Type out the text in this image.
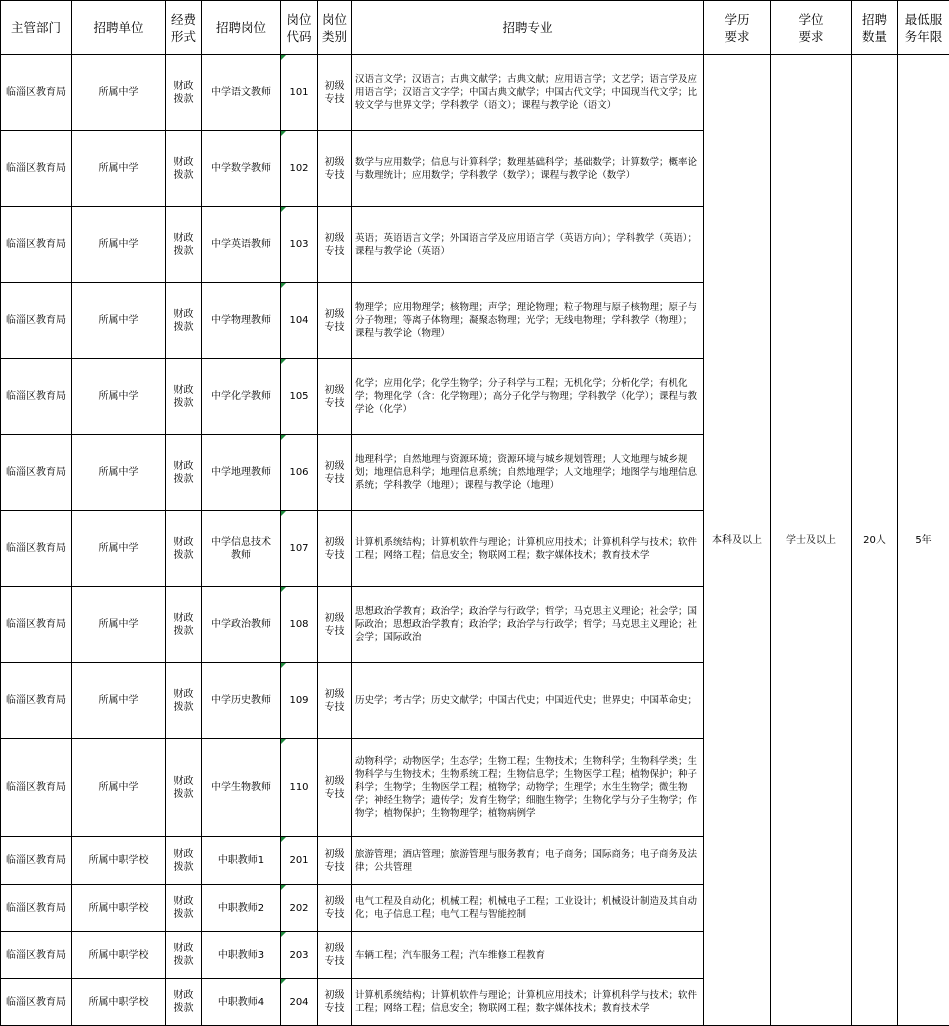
主管部门	招聘单位	经费形式	招聘岗位	岗位代码	岗位类别	招聘专业	学历要求	学位要求	招聘数量	最低服务年限
临淄区教育局	所属中学	财政拨款	中学语文教师	101	初级专技	汉语言文学；汉语言；古典文献学；古典文献；应用语言学；文艺学；语言学及应用语言学；汉语言文字学；中国古典文献学；中国古代文学；中国现当代文学；比较文学与世界文学；学科教学（语文）；课程与教学论（语文）	本科及以上	学士及以上	20人	5年
临淄区教育局	所属中学	财政拨款	中学数学教师	102	初级专技	数学与应用数学；信息与计算科学；数理基础科学；基础数学；计算数学；概率论与数理统计；应用数学；学科教学（数学）；课程与教学论（数学）				
临淄区教育局	所属中学	财政拨款	中学英语教师	103	初级专技	英语；英语语言文学；外国语言学及应用语言学（英语方向）；学科教学（英语）；课程与教学论（英语）				
临淄区教育局	所属中学	财政拨款	中学物理教师	104	初级专技	物理学；应用物理学；核物理；声学；理论物理；粒子物理与原子核物理；原子与分子物理；等离子体物理；凝聚态物理；光学；无线电物理；学科教学（物理）；课程与教学论（物理）				
临淄区教育局	所属中学	财政拨款	中学化学教师	105	初级专技	化学；应用化学；化学生物学；分子科学与工程；无机化学；分析化学；有机化学；物理化学（含：化学物理）；高分子化学与物理；学科教学（化学）；课程与教学论（化学）				
临淄区教育局	所属中学	财政拨款	中学地理教师	106	初级专技	地理科学；自然地理与资源环境；资源环境与城乡规划管理；人文地理与城乡规划；地理信息科学；地理信息系统；自然地理学；人文地理学；地图学与地理信息系统；学科教学（地理）；课程与教学论（地理）				
临淄区教育局	所属中学	财政拨款	中学信息技术教师	107	初级专技	计算机系统结构；计算机软件与理论；计算机应用技术；计算机科学与技术；软件工程；网络工程；信息安全；物联网工程；数字媒体技术；教育技术学				
临淄区教育局	所属中学	财政拨款	中学政治教师	108	初级专技	思想政治学教育；政治学；政治学与行政学；哲学；马克思主义理论；社会学；国际政治；思想政治学教育；政治学；政治学与行政学；哲学；马克思主义理论；社会学；国际政治				
临淄区教育局	所属中学	财政拨款	中学历史教师	109	初级专技	历史学；考古学；历史文献学；中国古代史；中国近代史；世界史；中国革命史；				
临淄区教育局	所属中学	财政拨款	中学生物教师	110	初级专技	动物科学；动物医学；生态学；生物工程；生物技术；生物科学；生物科学类；生物科学与生物技术；生物系统工程；生物信息学；生物医学工程；植物保护；种子科学；生物学；生物医学工程；植物学；动物学；生理学；水生生物学；微生物学；神经生物学；遗传学；发育生物学；细胞生物学；生物化学与分子生物学；作物学；植物保护；生物物理学；植物病例学				
临淄区教育局	所属中职学校	财政拨款	中职教师1	201	初级专技	旅游管理；酒店管理；旅游管理与服务教育；电子商务；国际商务；电子商务及法律；公共管理				
临淄区教育局	所属中职学校	财政拨款	中职教师2	202	初级专技	电气工程及自动化；机械工程；机械电子工程；工业设计；机械设计制造及其自动化；电子信息工程；电气工程与智能控制				
临淄区教育局	所属中职学校	财政拨款	中职教师3	203	初级专技	车辆工程；汽车服务工程；汽车维修工程教育				
临淄区教育局	所属中职学校	财政拨款	中职教师4	204	初级专技	计算机系统结构；计算机软件与理论；计算机应用技术；计算机科学与技术；软件工程；网络工程；信息安全；物联网工程；数字媒体技术；教育技术学				
